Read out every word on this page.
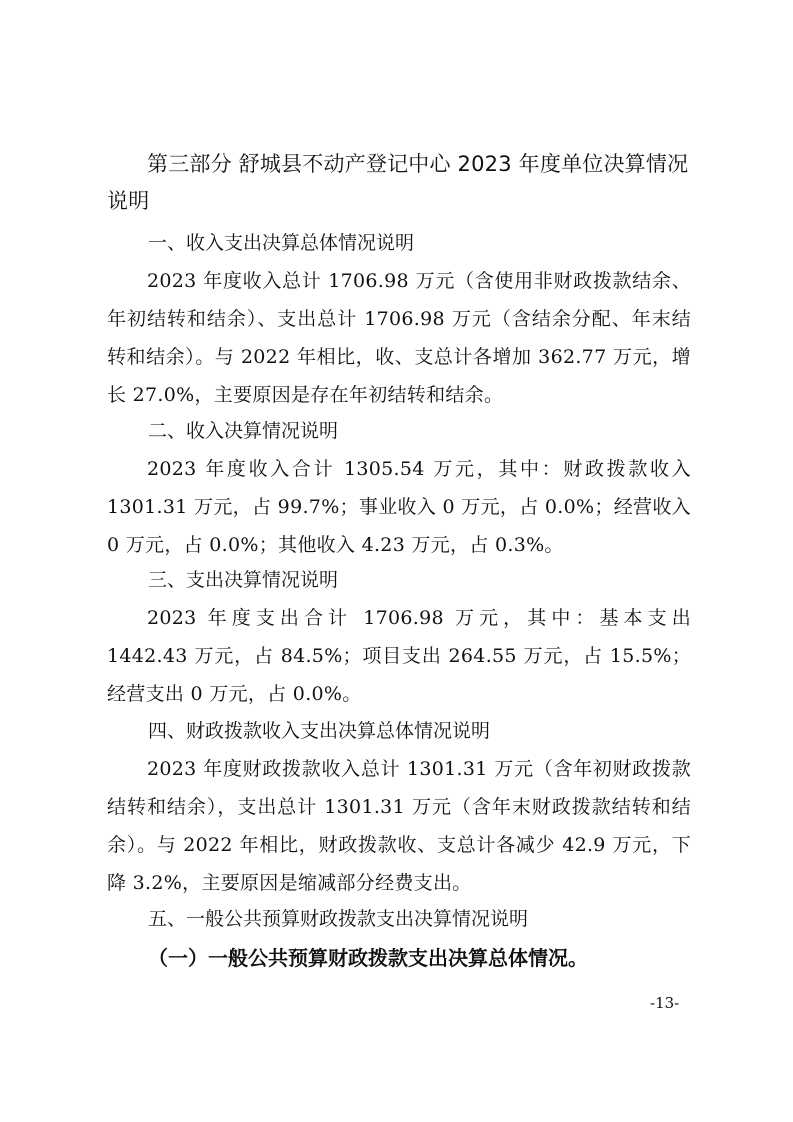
第三部分 舒城县不动产登记中心 2023 年度单位决算情况说明
一、收入支出决算总体情况说明
2023 年度收入总计 1706.98 万元（含使用非财政拨款结余、年初结转和结余）、支出总计 1706.98 万元（含结余分配、年末结转和结余）。与 2022 年相比，收、支总计各增加 362.77 万元，增长 27.0%，主要原因是存在年初结转和结余。
二、收入决算情况说明
2023 年度收入合计 1305.54 万元，其中：财政拨款收入 1301.31 万元，占 99.7%；事业收入 0 万元，占 0.0%；经营收入 0 万元，占 0.0%；其他收入 4.23 万元，占 0.3%。
三、支出决算情况说明
2023 年度支出合计 1706.98 万元，其中：基本支出 1442.43 万元，占 84.5%；项目支出 264.55 万元，占 15.5%；经营支出 0 万元，占 0.0%。
四、财政拨款收入支出决算总体情况说明
2023 年度财政拨款收入总计 1301.31 万元（含年初财政拨款结转和结余），支出总计 1301.31 万元（含年末财政拨款结转和结余）。与 2022 年相比，财政拨款收、支总计各减少 42.9 万元，下降 3.2%，主要原因是缩减部分经费支出。
五、一般公共预算财政拨款支出决算情况说明
（一）一般公共预算财政拨款支出决算总体情况。
-13-
